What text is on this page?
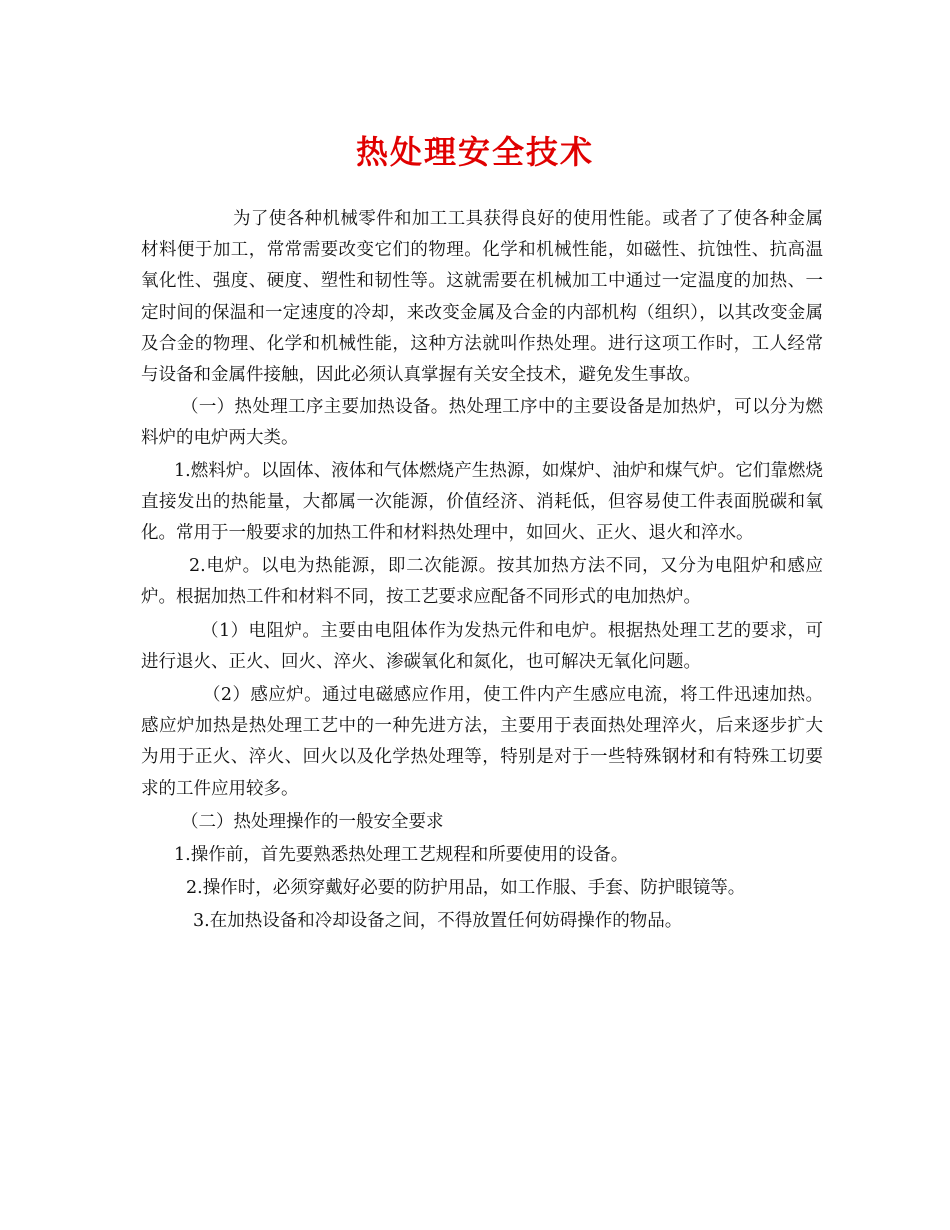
热处理安全技术

为了使各种机械零件和加工工具获得良好的使用性能。或者了了使各种金属材料便于加工，常常需要改变它们的物理。化学和机械性能，如磁性、抗蚀性、抗高温氧化性、强度、硬度、塑性和韧性等。这就需要在机械加工中通过一定温度的加热、一定时间的保温和一定速度的冷却，来改变金属及合金的内部机构（组织），以其改变金属及合金的物理、化学和机械性能，这种方法就叫作热处理。进行这项工作时，工人经常与设备和金属件接触，因此必须认真掌握有关安全技术，避免发生事故。

（一）热处理工序主要加热设备。热处理工序中的主要设备是加热炉，可以分为燃料炉的电炉两大类。

1.燃料炉。以固体、液体和气体燃烧产生热源，如煤炉、油炉和煤气炉。它们靠燃烧直接发出的热能量，大都属一次能源，价值经济、消耗低，但容易使工件表面脱碳和氧化。常用于一般要求的加热工件和材料热处理中，如回火、正火、退火和淬水。

2.电炉。以电为热能源，即二次能源。按其加热方法不同，又分为电阻炉和感应炉。根据加热工件和材料不同，按工艺要求应配备不同形式的电加热炉。

（1）电阻炉。主要由电阻体作为发热元件和电炉。根据热处理工艺的要求，可进行退火、正火、回火、淬火、渗碳氧化和氮化，也可解决无氧化问题。

（2）感应炉。通过电磁感应作用，使工件内产生感应电流，将工件迅速加热。感应炉加热是热处理工艺中的一种先进方法，主要用于表面热处理淬火，后来逐步扩大为用于正火、淬火、回火以及化学热处理等，特别是对于一些特殊钢材和有特殊工切要求的工件应用较多。

（二）热处理操作的一般安全要求

1.操作前，首先要熟悉热处理工艺规程和所要使用的设备。

2.操作时，必须穿戴好必要的防护用品，如工作服、手套、防护眼镜等。

3.在加热设备和冷却设备之间，不得放置任何妨碍操作的物品。
